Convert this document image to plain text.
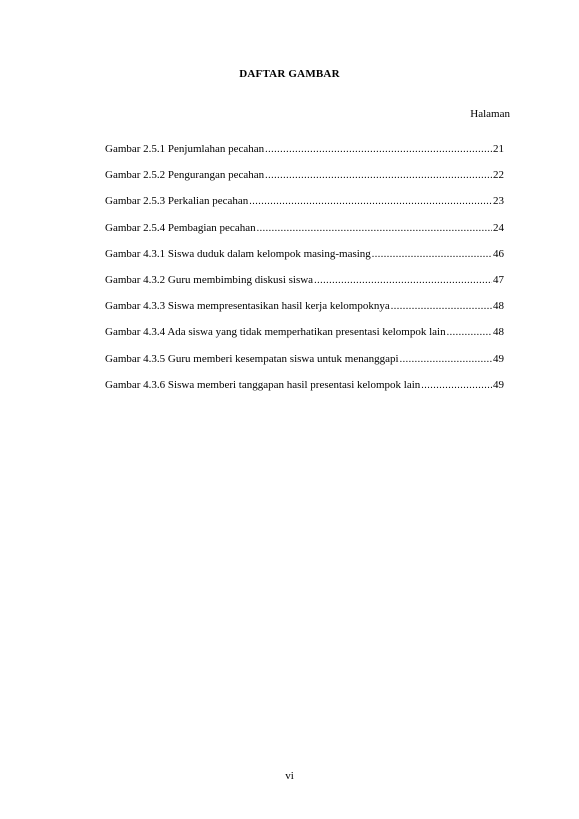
DAFTAR GAMBAR
Halaman
Gambar 2.5.1 Penjumlahan pecahan .....	21
Gambar 2.5.2 Pengurangan pecahan .....	22
Gambar 2.5.3 Perkalian pecahan .....	23
Gambar 2.5.4 Pembagian pecahan .....	24
Gambar 4.3.1 Siswa duduk dalam kelompok masing-masing .....	46
Gambar 4.3.2 Guru membimbing diskusi siswa .....	47
Gambar 4.3.3 Siswa mempresentasikan hasil kerja kelompoknya .....	48
Gambar 4.3.4 Ada siswa yang tidak memperhatikan presentasi kelompok lain .....	48
Gambar 4.3.5 Guru memberi kesempatan siswa untuk menanggapi .....	49
Gambar 4.3.6 Siswa memberi tanggapan hasil presentasi kelompok lain .....	49
vi
